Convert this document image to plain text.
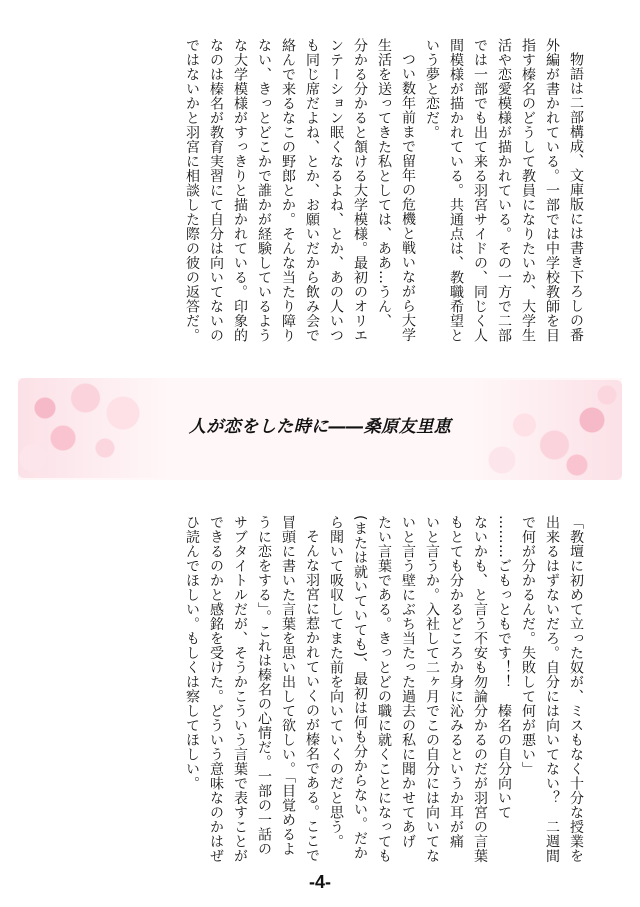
物語は二部構成、文庫版には書き下ろしの番

外編が書かれている。一部では中学校教師を目

指す榛名のどうして教員になりたいか、大学生

活や恋愛模様が描かれている。その一方で二部

では一部でも出て来る羽宮サイドの、同じく人

間模様が描かれている。共通点は、教職希望と

いう夢と恋だ。

つい数年前まで留年の危機と戦いながら大学

生活を送ってきた私としては、ああ…うん、

分かる分かると頷ける大学模様。最初のオリエ

ンテーション眠くなるよね、とか、あの人いつ

も同じ席だよね、とか、お願いだから飲み会で

絡んで来るなこの野郎とか。そんな当たり障り

ない、きっとどこかで誰かが経験しているよう

な大学模様がすっきりと描かれている。印象的

なのは榛名が教育実習にて自分は向いてないの

ではないかと羽宮に相談した際の彼の返答だ。

人が恋をした時に――桑原友里恵

「教壇に初めて立った奴が、ミスもなく十分な授業を

出来るはずないだろ。自分には向いてない？　二週間

で何が分かるんだ。失敗して何が悪い」

………ごもっともです！！　榛名の自分向いて

ないかも、と言う不安も勿論分かるのだが羽宮の言葉

もとても分かるどころか身に沁みるというか耳が痛

いと言うか。入社して二ヶ月でこの自分には向いてな

いと言う壁にぶち当たった過去の私に聞かせてあげ

たい言葉である。きっとどの職に就くことになっても

(または就いていても)、最初は何も分からない。だか

ら聞いて吸収してまた前を向いていくのだと思う。

そんな羽宮に惹かれていくのが榛名である。ここで

冒頭に書いた言葉を思い出して欲しい。「目覚めるよ

うに恋をする」。これは榛名の心情だ。一部の一話の

サブタイトルだが、そうかこういう言葉で表すことが

できるのかと感銘を受けた。どういう意味なのかはぜ

ひ読んでほしい。もしくは察してほしい。

-4-
